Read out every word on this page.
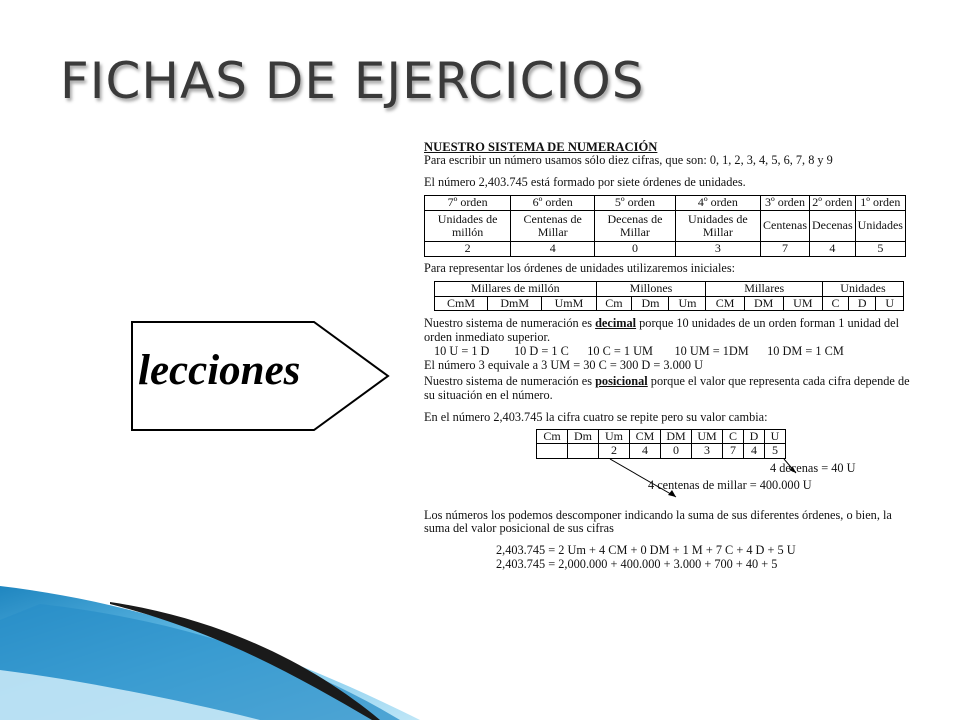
FICHAS DE EJERCICIOS
lecciones

NUESTRO SISTEMA DE NUMERACIÓN

Para escribir un número usamos sólo diez cifras, que son: 0, 1, 2, 3, 4, 5, 6, 7, 8 y 9

El número 2,403.745 está formado por siete órdenes de unidades.

7º orden	6º orden	5º orden	4º orden	3º orden	2º orden	1º orden
Unidades de millón	Centenas de Millar	Decenas de Millar	Unidades de Millar	Centenas	Decenas	Unidades
2	4	0	3	7	4	5

Para representar los órdenes de unidades utilizaremos iniciales:

Millares de millón			Millones			Millares			Unidades		
CmM	DmM	UmM	Cm	Dm	Um	CM	DM	UM	C	D	U

Nuestro sistema de numeración es decimal porque 10 unidades de un orden forman 1 unidad del orden inmediato superior.

10 U = 1 D        10 D = 1 C      10 C = 1 UM       10 UM = 1DM      10 DM = 1 CM

El número 3 equivale a 3 UM = 30 C = 300 D = 3.000 U

Nuestro sistema de numeración es posicional porque el valor que representa cada cifra depende de su situación en el número.

En el número 2,403.745 la cifra cuatro se repite pero su valor cambia:

Cm	Dm	Um	CM	DM	UM	C	D	U
		2	4	0	3	7	4	5
4 decenas = 40 U
4 centenas de millar = 400.000 U

Los números los podemos descomponer indicando la suma de sus diferentes órdenes, o bien, la suma del valor posicional de sus cifras

2,403.745 = 2 Um + 4 CM + 0 DM + 1 M + 7 C + 4 D + 5 U

2,403.745 = 2,000.000 + 400.000 + 3.000 + 700 + 40 + 5
